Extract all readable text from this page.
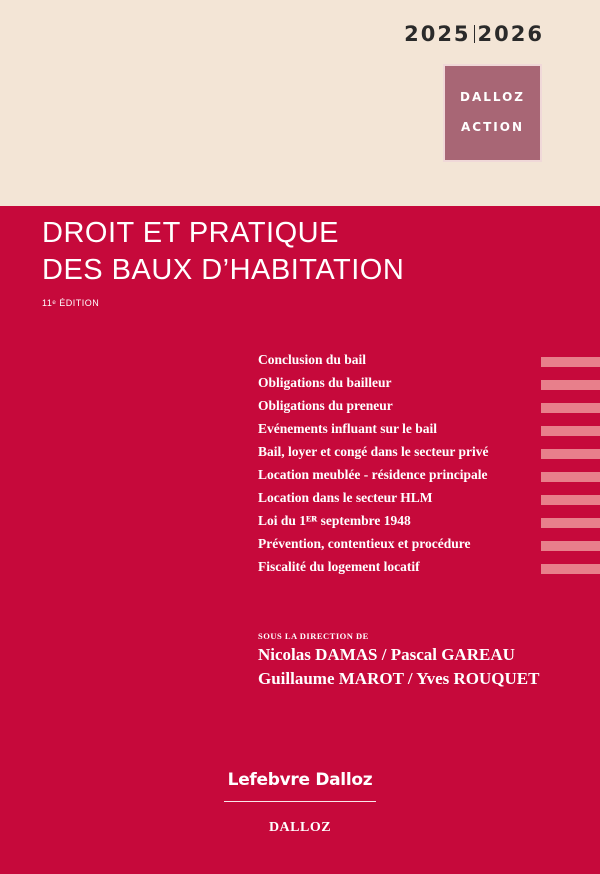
2025 2026
DALLOZ
ACTION
DROIT ET PRATIQUE
DES BAUX D’HABITATION
11ᵉ ÉDITION
Conclusion du bail
Obligations du bailleur
Obligations du preneur
Evénements influant sur le bail
Bail, loyer et congé dans le secteur privé
Location meublée - résidence principale
Location dans le secteur HLM
Loi du 1ᴱᴿ septembre 1948
Prévention, contentieux et procédure
Fiscalité du logement locatif
SOUS LA DIRECTION DE
Nicolas DAMAS / Pascal GAREAU
Guillaume MAROT / Yves ROUQUET
Lefebvre Dalloz
DALLOZ
